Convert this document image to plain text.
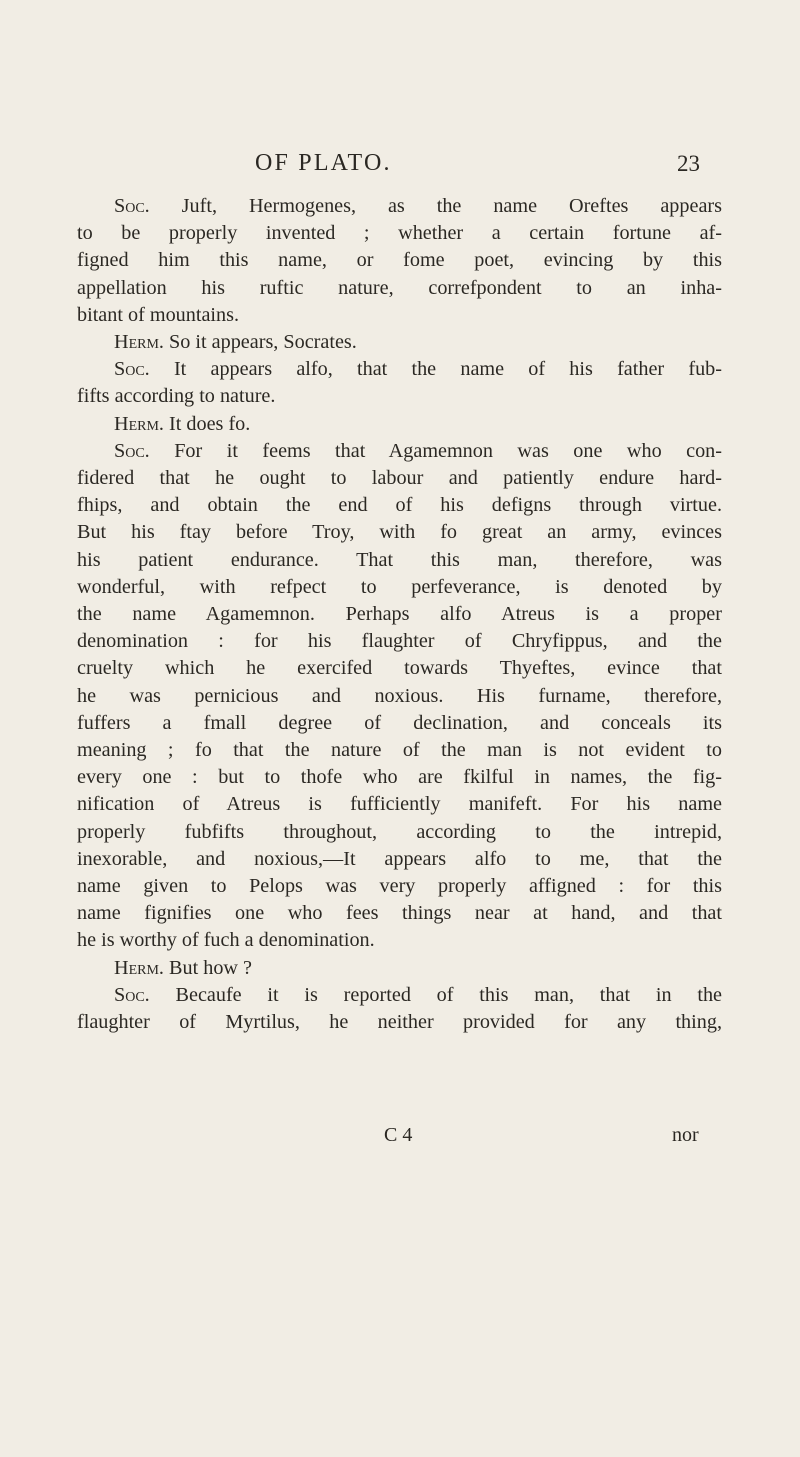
OF PLATO.	23
Soc. Juft, Hermogenes, as the name Oreftes appears
to be properly invented ; whether a certain fortune af-
figned him this name, or fome poet, evincing by this
appellation his ruftic nature, correfpondent to an inha-
bitant of mountains.
Herm. So it appears, Socrates.
Soc. It appears alfo, that the name of his father fub-
fifts according to nature.
Herm. It does fo.
Soc. For it feems that Agamemnon was one who con-
fidered that he ought to labour and patiently endure hard-
fhips, and obtain the end of his defigns through virtue.
But his ftay before Troy, with fo great an army, evinces
his patient endurance. That this man, therefore, was
wonderful, with refpect to perfeverance, is denoted by
the name Agamemnon. Perhaps alfo Atreus is a proper
denomination : for his flaughter of Chryfippus, and the
cruelty which he exercifed towards Thyeftes, evince that
he was pernicious and noxious. His furname, therefore,
fuffers a fmall degree of declination, and conceals its
meaning ; fo that the nature of the man is not evident to
every one : but to thofe who are fkilful in names, the fig-
nification of Atreus is fufficiently manifeft. For his name
properly fubfifts throughout, according to the intrepid,
inexorable, and noxious,—It appears alfo to me, that the
name given to Pelops was very properly affigned : for this
name fignifies one who fees things near at hand, and that
he is worthy of fuch a denomination.
Herm. But how ?
Soc. Becaufe it is reported of this man, that in the
flaughter of Myrtilus, he neither provided for any thing,
C 4	nor
